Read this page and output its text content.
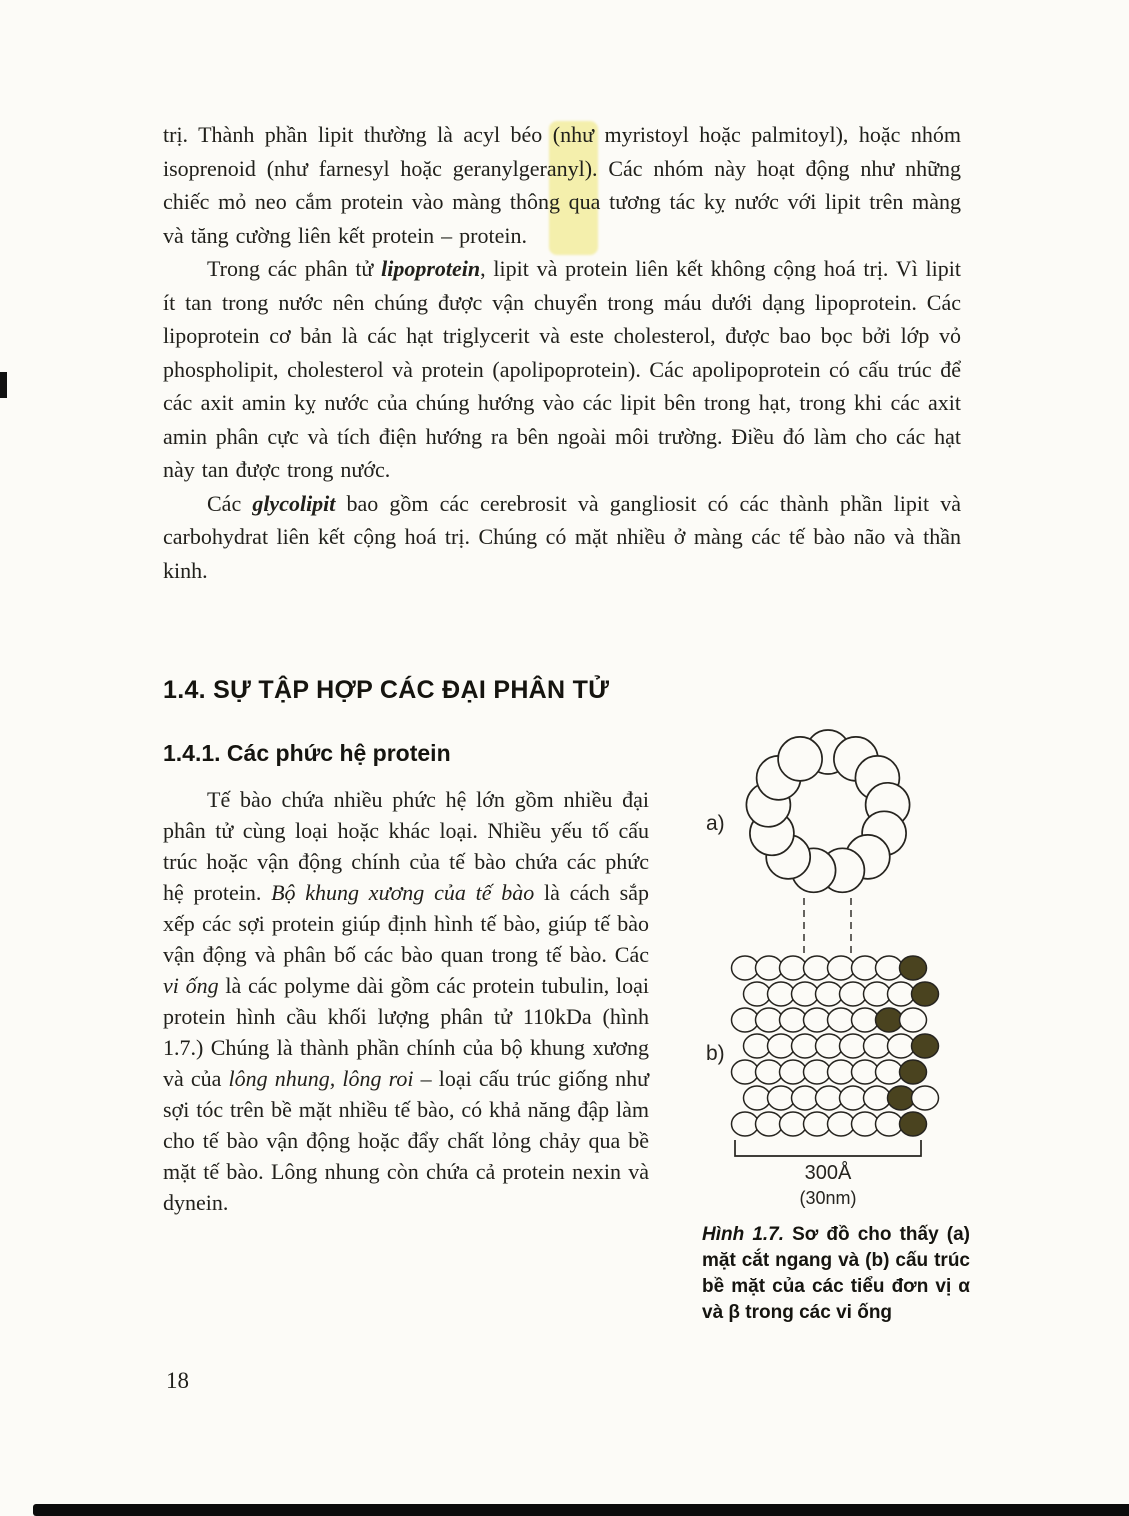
trị. Thành phần lipit thường là acyl béo (như myristoyl hoặc palmitoyl), hoặc nhóm isoprenoid (như farnesyl hoặc geranylgeranyl). Các nhóm này hoạt động như những chiếc mỏ neo cắm protein vào màng thông qua tương tác kỵ nước với lipit trên màng và tăng cường liên kết protein – protein.

Trong các phân tử lipoprotein, lipit và protein liên kết không cộng hoá trị. Vì lipit ít tan trong nước nên chúng được vận chuyển trong máu dưới dạng lipoprotein. Các lipoprotein cơ bản là các hạt triglycerit và este cholesterol, được bao bọc bởi lớp vỏ phospholipit, cholesterol và protein (apolipoprotein). Các apolipoprotein có cấu trúc để các axit amin kỵ nước của chúng hướng vào các lipit bên trong hạt, trong khi các axit amin phân cực và tích điện hướng ra bên ngoài môi trường. Điều đó làm cho các hạt này tan được trong nước.

Các glycolipit bao gồm các cerebrosit và gangliosit có các thành phần lipit và carbohydrat liên kết cộng hoá trị. Chúng có mặt nhiều ở màng các tế bào não và thần kinh.

1.4. SỰ TẬP HỢP CÁC ĐẠI PHÂN TỬ
1.4.1. Các phức hệ protein

Tế bào chứa nhiều phức hệ lớn gồm nhiều đại phân tử cùng loại hoặc khác loại. Nhiều yếu tố cấu trúc hoặc vận động chính của tế bào chứa các phức hệ protein. Bộ khung xương của tế bào là cách sắp xếp các sợi protein giúp định hình tế bào, giúp tế bào vận động và phân bố các bào quan trong tế bào. Các vi ống là các polyme dài gồm các protein tubulin, loại protein hình cầu khối lượng phân tử 110kDa (hình 1.7.) Chúng là thành phần chính của bộ khung xương và của lông nhung, lông roi – loại cấu trúc giống như sợi tóc trên bề mặt nhiều tế bào, có khả năng đập làm cho tế bào vận động hoặc đẩy chất lỏng chảy qua bề mặt tế bào. Lông nhung còn chứa cả protein nexin và dynein.

a)
b)
300Å
(30nm)
Hình 1.7. Sơ đồ cho thấy (a) mặt cắt ngang và (b) cấu trúc bề mặt của các tiểu đơn vị α và β trong các vi ống
18
